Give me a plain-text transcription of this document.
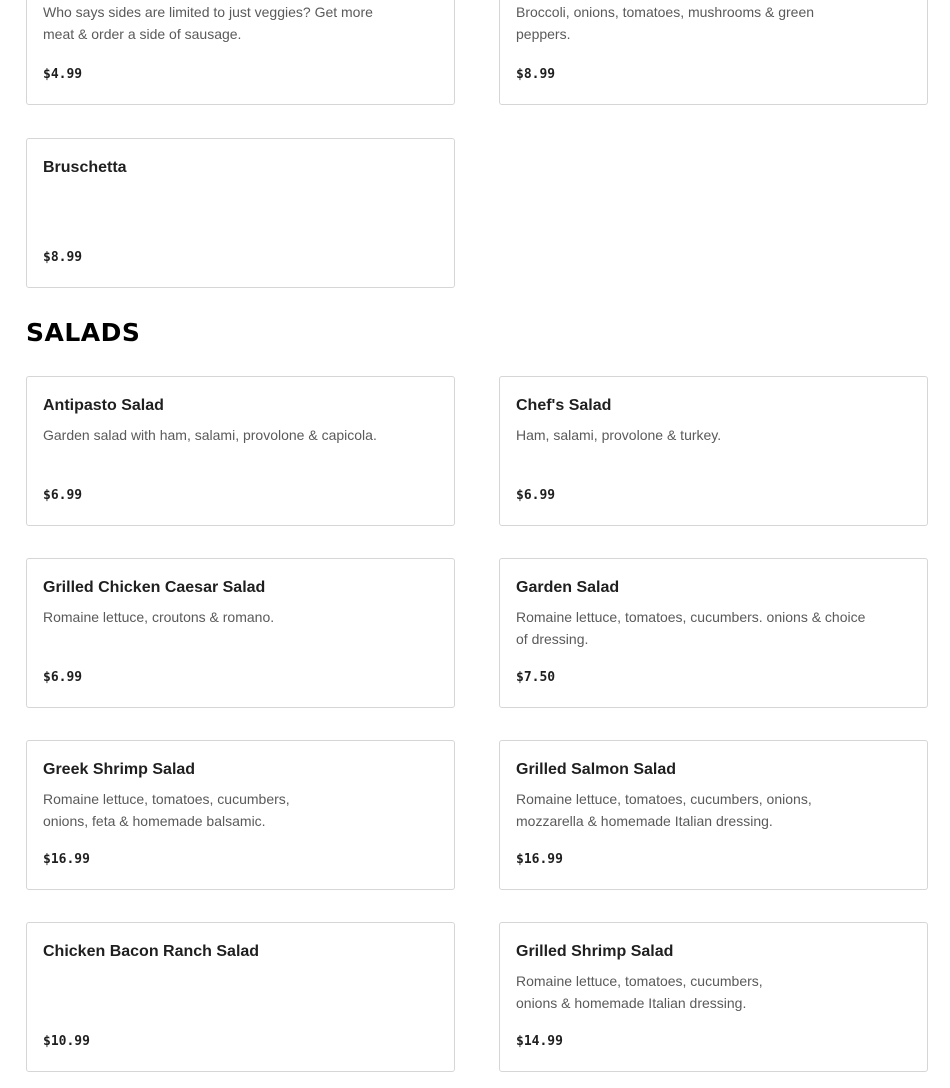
Who says sides are limited to just veggies? Get more meat & order a side of sausage.
$4.99
Broccoli, onions, tomatoes, mushrooms & green peppers.
$8.99
Bruschetta
$8.99
SALADS
Antipasto Salad
Garden salad with ham, salami, provolone & capicola.
$6.99
Chef's Salad
Ham, salami, provolone & turkey.
$6.99
Grilled Chicken Caesar Salad
Romaine lettuce, croutons & romano.
$6.99
Garden Salad
Romaine lettuce, tomatoes, cucumbers. onions & choice of dressing.
$7.50
Greek Shrimp Salad
Romaine lettuce, tomatoes, cucumbers, onions, feta & homemade balsamic.
$16.99
Grilled Salmon Salad
Romaine lettuce, tomatoes, cucumbers, onions, mozzarella & homemade Italian dressing.
$16.99
Chicken Bacon Ranch Salad
$10.99
Grilled Shrimp Salad
Romaine lettuce, tomatoes, cucumbers, onions & homemade Italian dressing.
$14.99
